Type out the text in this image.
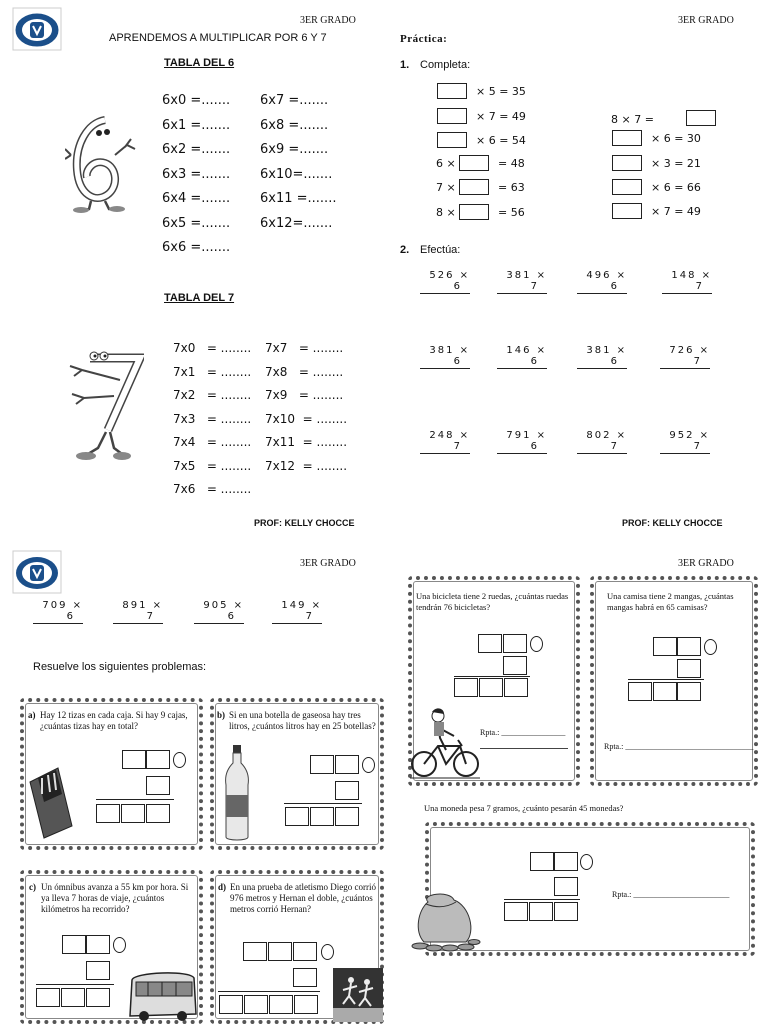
3ER GRADO
APRENDEMOS A MULTIPLICAR POR 6 Y 7
TABLA DEL 6
6x0 =.......
6x1 =.......
6x2 =.......
6x3 =.......
6x4 =.......
6x5 =.......
6x6 =.......
6x7 =.......
6x8 =.......
6x9 =.......
6x10=.......
6x11 =.......
6x12=.......
TABLA DEL 7
7x0   = ........
7x1   = ........
7x2   = ........
7x3   = ........
7x4   = ........
7x5   = ........
7x6   = ........
7x7   = ........
7x8   = ........
7x9   = ........
7x10  = ........
7x11  = ........
7x12  = ........
PROF: KELLY CHOCCE
3ER GRADO
Práctica:
1. Completa:
× 5 = 35
× 7 = 49
× 6 = 54
6 ×	= 48
7 ×	= 63
8 ×	= 56
8 × 7 =
× 6 = 30
× 3 = 21
× 6 = 66
× 7 = 49
2. Efectúa:
526 ×
6
381 ×
7
496 ×
6
148 ×
7
381 ×
6
146 ×
6
381 ×
6
726 ×
7
248 ×
7
791 ×
6
802 ×
7
952 ×
7
PROF: KELLY CHOCCE
3ER GRADO
709 ×
6
891 ×
7
905 ×
6
149 ×
7
Resuelve los siguientes problemas:
a) Hay 12 tizas en cada caja. Si hay 9 cajas, ¿cuántas tizas hay en total?
b) Si en una botella de gaseosa hay tres litros, ¿cuántos litros hay en 25 botellas?
c) Un ómnibus avanza a 55 km por hora. Si ya lleva 7 horas de viaje, ¿cuántos kilómetros ha recorrido?
d) En una prueba de atletismo Diego corrió 976 metros y Hernan el doble, ¿cuántos metros corrió Hernan?
3ER GRADO
Una bicicleta tiene 2 ruedas, ¿cuántas ruedas tendrán 76 bicicletas?
Rpta.: ________________
Una camisa tiene 2 mangas, ¿cuántas mangas habrá en 65 camisas?
Rpta.: ________________________________
Una moneda pesa 7 gramos, ¿cuánto pesarán 45 monedas?
Rpta.: ________________________
